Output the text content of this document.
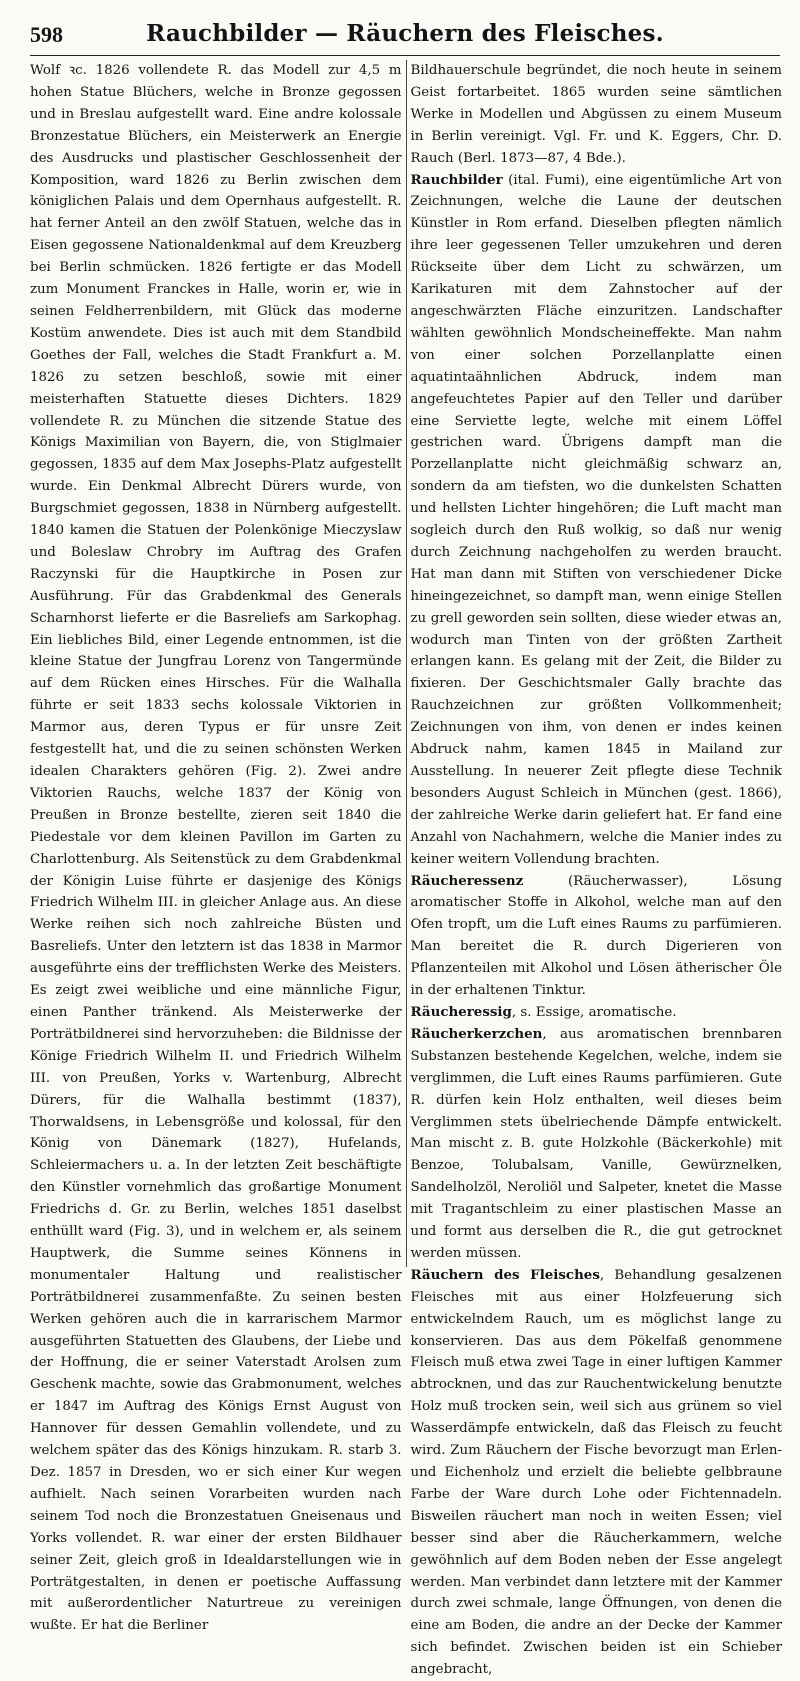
598	Rauchbilder — Räuchern des Fleisches.

Wolf ꝛc. 1826 vollendete R. das Modell zur 4,5 m hohen Statue Blüchers, welche in Bronze gegossen und in Breslau aufgestellt ward. Eine andre kolossale Bronzestatue Blüchers, ein Meisterwerk an Energie des Ausdrucks und plastischer Geschlossenheit der Komposition, ward 1826 zu Berlin zwischen dem königlichen Palais und dem Opernhaus aufgestellt. R. hat ferner Anteil an den zwölf Statuen, welche das in Eisen gegossene Nationaldenkmal auf dem Kreuzberg bei Berlin schmücken. 1826 fertigte er das Modell zum Monument Franckes in Halle, worin er, wie in seinen Feldherrenbildern, mit Glück das moderne Kostüm anwendete. Dies ist auch mit dem Standbild Goethes der Fall, welches die Stadt Frankfurt a. M. 1826 zu setzen beschloß, sowie mit einer meisterhaften Statuette dieses Dichters. 1829 vollendete R. zu München die sitzende Statue des Königs Maximilian von Bayern, die, von Stiglmaier gegossen, 1835 auf dem Max Josephs-Platz aufgestellt wurde. Ein Denkmal Albrecht Dürers wurde, von Burgschmiet gegossen, 1838 in Nürnberg aufgestellt. 1840 kamen die Statuen der Polenkönige Mieczyslaw und Boleslaw Chrobry im Auftrag des Grafen Raczynski für die Hauptkirche in Posen zur Ausführung. Für das Grabdenkmal des Generals Scharnhorst lieferte er die Basreliefs am Sarkophag. Ein liebliches Bild, einer Legende entnommen, ist die kleine Statue der Jungfrau Lorenz von Tangermünde auf dem Rücken eines Hirsches. Für die Walhalla führte er seit 1833 sechs kolossale Viktorien in Marmor aus, deren Typus er für unsre Zeit festgestellt hat, und die zu seinen schönsten Werken idealen Charakters gehören (Fig. 2). Zwei andre Viktorien Rauchs, welche 1837 der König von Preußen in Bronze bestellte, zieren seit 1840 die Piedestale vor dem kleinen Pavillon im Garten zu Charlottenburg. Als Seitenstück zu dem Grabdenkmal der Königin Luise führte er dasjenige des Königs Friedrich Wilhelm III. in gleicher Anlage aus. An diese Werke reihen sich noch zahlreiche Büsten und Basreliefs. Unter den letztern ist das 1838 in Marmor ausgeführte eins der trefflichsten Werke des Meisters. Es zeigt zwei weibliche und eine männliche Figur, einen Panther tränkend. Als Meisterwerke der Porträtbildnerei sind hervorzuheben: die Bildnisse der Könige Friedrich Wilhelm II. und Friedrich Wilhelm III. von Preußen, Yorks v. Wartenburg, Albrecht Dürers, für die Walhalla bestimmt (1837), Thorwaldsens, in Lebensgröße und kolossal, für den König von Dänemark (1827), Hufelands, Schleiermachers u. a. In der letzten Zeit beschäftigte den Künstler vornehmlich das großartige Monument Friedrichs d. Gr. zu Berlin, welches 1851 daselbst enthüllt ward (Fig. 3), und in welchem er, als seinem Hauptwerk, die Summe seines Könnens in monumentaler Haltung und realistischer Porträtbildnerei zusammenfaßte. Zu seinen besten Werken gehören auch die in karrarischem Marmor ausgeführten Statuetten des Glaubens, der Liebe und der Hoffnung, die er seiner Vaterstadt Arolsen zum Geschenk machte, sowie das Grabmonument, welches er 1847 im Auftrag des Königs Ernst August von Hannover für dessen Gemahlin vollendete, und zu welchem später das des Königs hinzukam. R. starb 3. Dez. 1857 in Dresden, wo er sich einer Kur wegen aufhielt. Nach seinen Vorarbeiten wurden nach seinem Tod noch die Bronzestatuen Gneisenaus und Yorks vollendet. R. war einer der ersten Bildhauer seiner Zeit, gleich groß in Idealdarstellungen wie in Porträtgestalten, in denen er poetische Auffassung mit außerordentlicher Naturtreue zu vereinigen wußte. Er hat die Berliner

Bildhauerschule begründet, die noch heute in seinem Geist fortarbeitet. 1865 wurden seine sämtlichen Werke in Modellen und Abgüssen zu einem Museum in Berlin vereinigt. Vgl. Fr. und K. Eggers, Chr. D. Rauch (Berl. 1873—87, 4 Bde.).

Rauchbilder (ital. Fumi), eine eigentümliche Art von Zeichnungen, welche die Laune der deutschen Künstler in Rom erfand. Dieselben pflegten nämlich ihre leer gegessenen Teller umzukehren und deren Rückseite über dem Licht zu schwärzen, um Karikaturen mit dem Zahnstocher auf der angeschwärzten Fläche einzuritzen. Landschafter wählten gewöhnlich Mondscheineffekte. Man nahm von einer solchen Porzellanplatte einen aquatintaähnlichen Abdruck, indem man angefeuchtetes Papier auf den Teller und darüber eine Serviette legte, welche mit einem Löffel gestrichen ward. Übrigens dampft man die Porzellanplatte nicht gleichmäßig schwarz an, sondern da am tiefsten, wo die dunkelsten Schatten und hellsten Lichter hingehören; die Luft macht man sogleich durch den Ruß wolkig, so daß nur wenig durch Zeichnung nachgeholfen zu werden braucht. Hat man dann mit Stiften von verschiedener Dicke hineingezeichnet, so dampft man, wenn einige Stellen zu grell geworden sein sollten, diese wieder etwas an, wodurch man Tinten von der größten Zartheit erlangen kann. Es gelang mit der Zeit, die Bilder zu fixieren. Der Geschichtsmaler Gally brachte das Rauchzeichnen zur größten Vollkommenheit; Zeichnungen von ihm, von denen er indes keinen Abdruck nahm, kamen 1845 in Mailand zur Ausstellung. In neuerer Zeit pflegte diese Technik besonders August Schleich in München (gest. 1866), der zahlreiche Werke darin geliefert hat. Er fand eine Anzahl von Nachahmern, welche die Manier indes zu keiner weitern Vollendung brachten.

Räucheressenz (Räucherwasser), Lösung aromatischer Stoffe in Alkohol, welche man auf den Ofen tropft, um die Luft eines Raums zu parfümieren. Man bereitet die R. durch Digerieren von Pflanzenteilen mit Alkohol und Lösen ätherischer Öle in der erhaltenen Tinktur.

Räucheressig, s. Essige, aromatische.

Räucherkerzchen, aus aromatischen brennbaren Substanzen bestehende Kegelchen, welche, indem sie verglimmen, die Luft eines Raums parfümieren. Gute R. dürfen kein Holz enthalten, weil dieses beim Verglimmen stets übelriechende Dämpfe entwickelt. Man mischt z. B. gute Holzkohle (Bäckerkohle) mit Benzoe, Tolubalsam, Vanille, Gewürznelken, Sandelholzöl, Neroliöl und Salpeter, knetet die Masse mit Tragantschleim zu einer plastischen Masse an und formt aus derselben die R., die gut getrocknet werden müssen.

Räuchern des Fleisches, Behandlung gesalzenen Fleisches mit aus einer Holzfeuerung sich entwickelndem Rauch, um es möglichst lange zu konservieren. Das aus dem Pökelfaß genommene Fleisch muß etwa zwei Tage in einer luftigen Kammer abtrocknen, und das zur Rauchentwickelung benutzte Holz muß trocken sein, weil sich aus grünem so viel Wasserdämpfe entwickeln, daß das Fleisch zu feucht wird. Zum Räuchern der Fische bevorzugt man Erlen- und Eichenholz und erzielt die beliebte gelbbraune Farbe der Ware durch Lohe oder Fichtennadeln. Bisweilen räuchert man noch in weiten Essen; viel besser sind aber die Räucherkammern, welche gewöhnlich auf dem Boden neben der Esse angelegt werden. Man verbindet dann letztere mit der Kammer durch zwei schmale, lange Öffnungen, von denen die eine am Boden, die andre an der Decke der Kammer sich befindet. Zwischen beiden ist ein Schieber angebracht,
